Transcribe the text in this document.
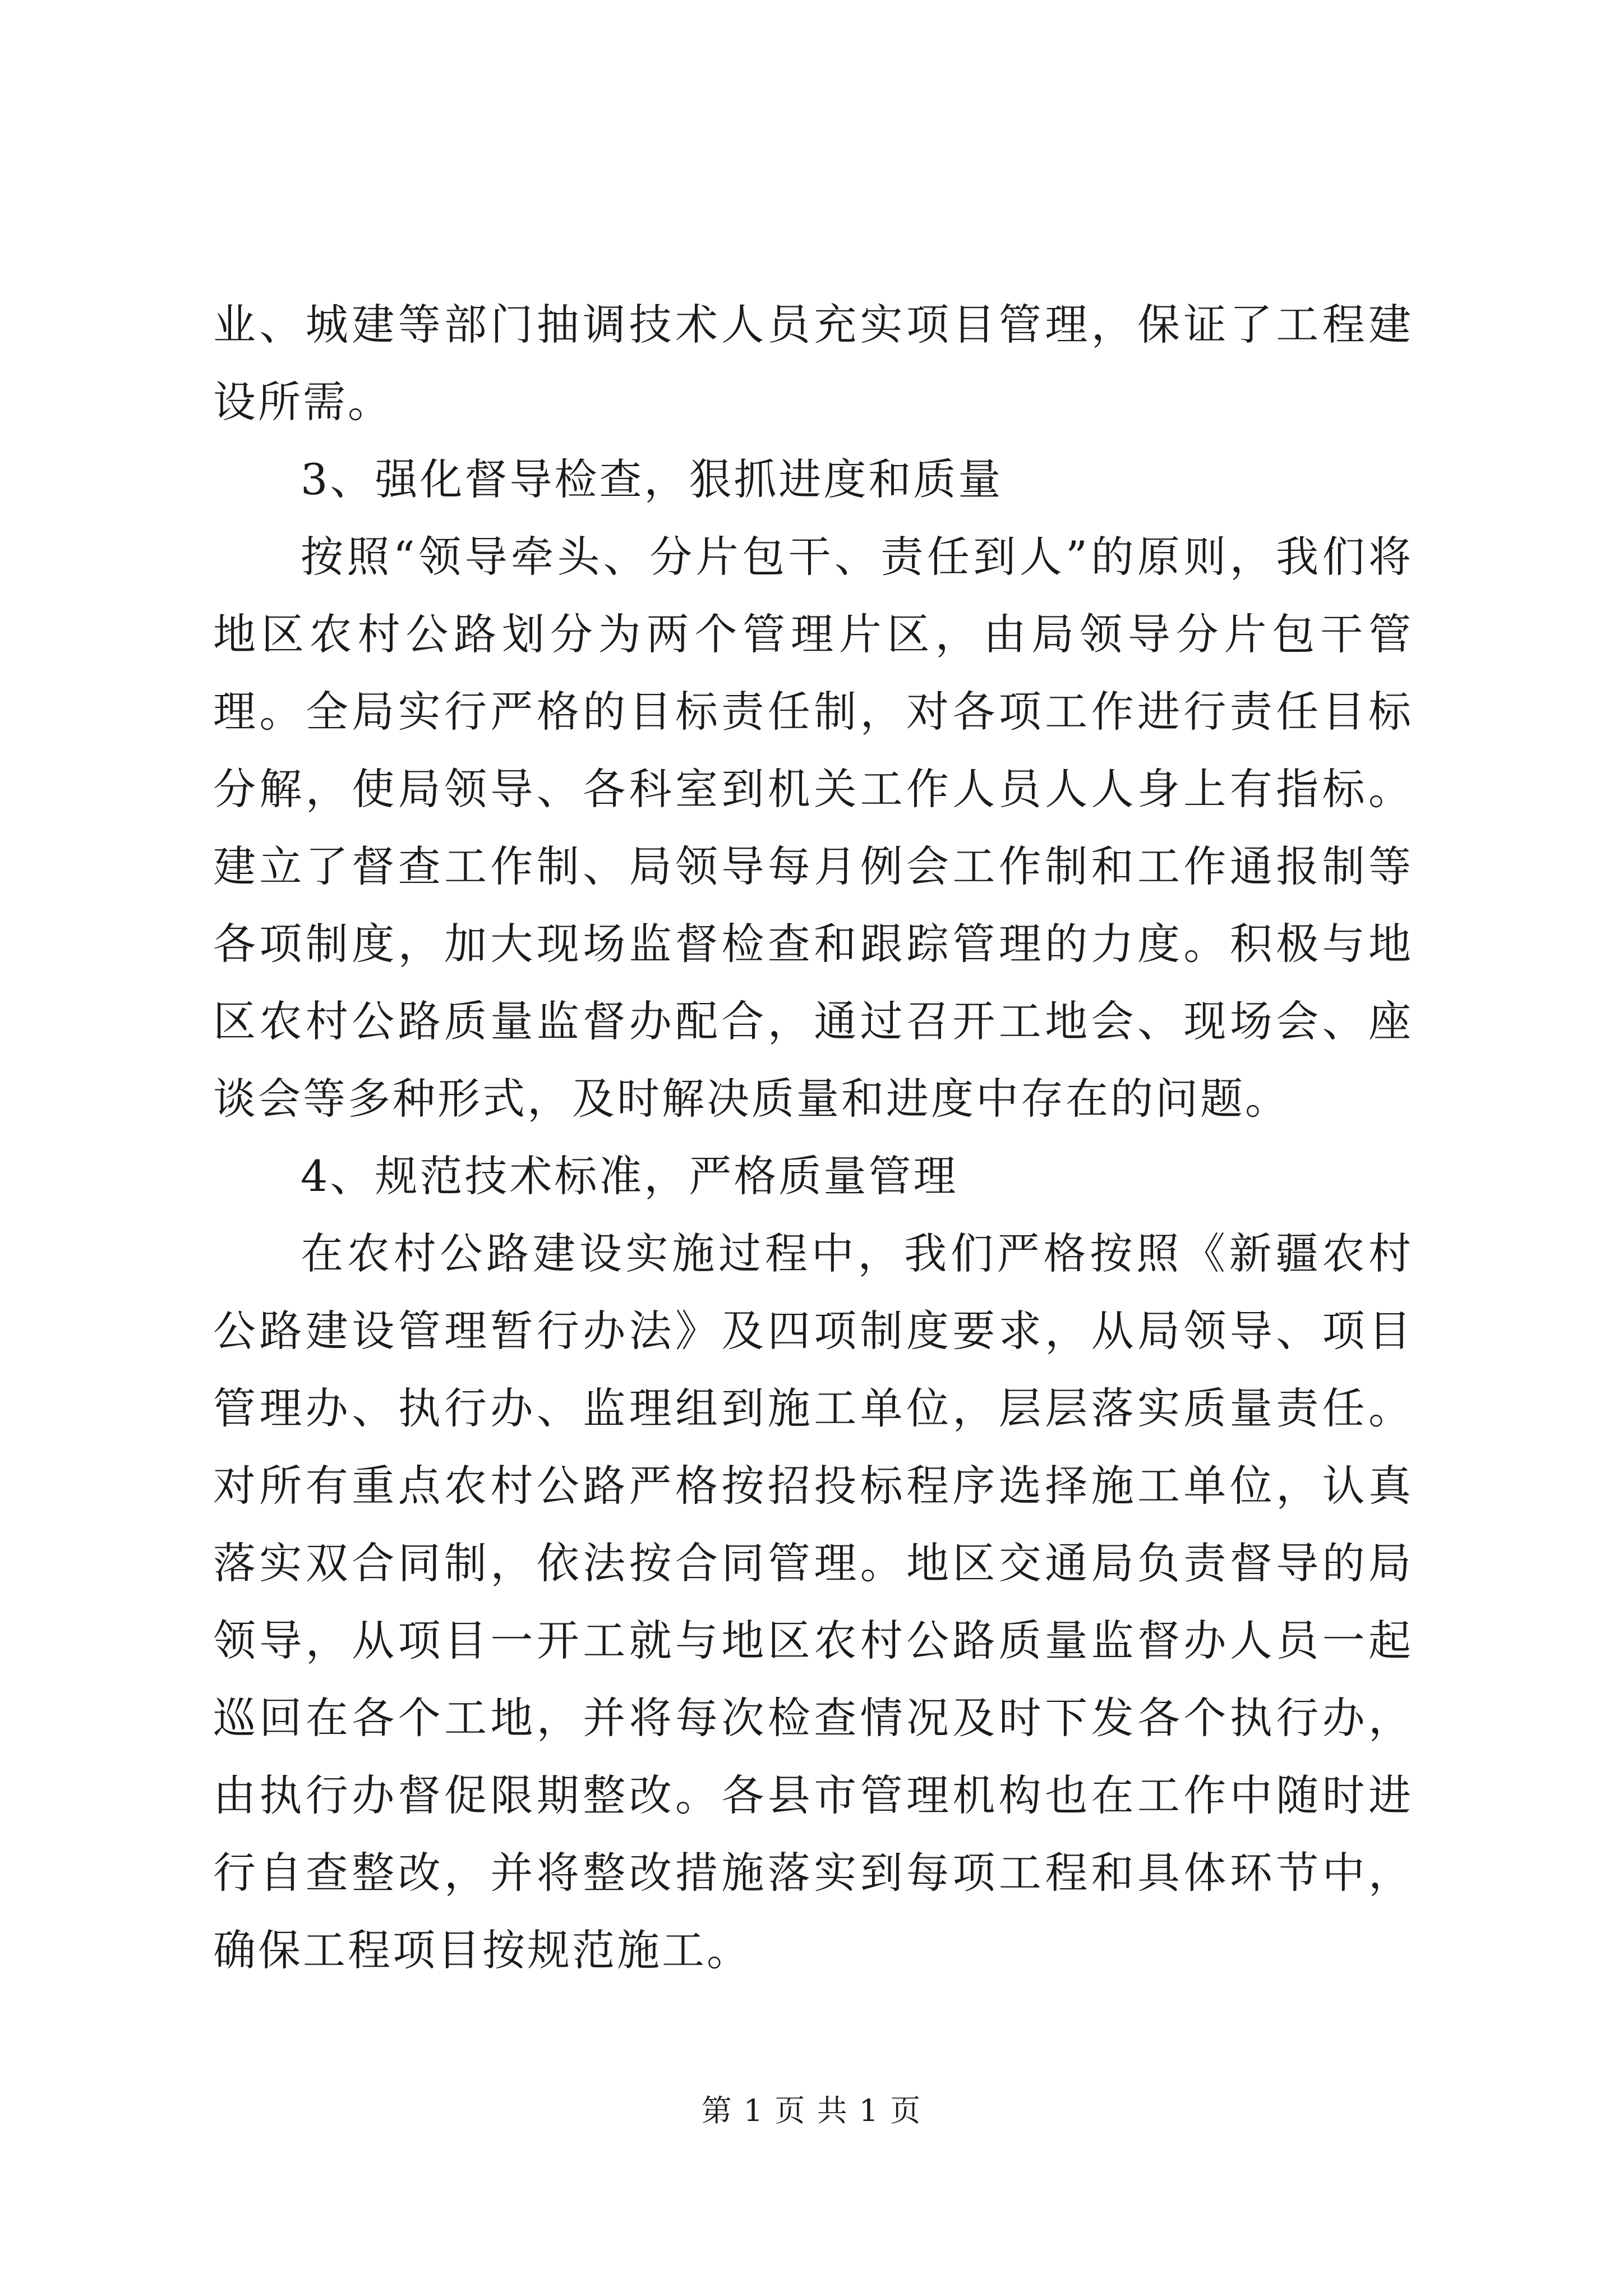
业、城建等部门抽调技术人员充实项目管理，保证了工程建设所需。

3、强化督导检查，狠抓进度和质量

按照“领导牵头、分片包干、责任到人”的原则，我们将地区农村公路划分为两个管理片区，由局领导分片包干管理。全局实行严格的目标责任制，对各项工作进行责任目标分解，使局领导、各科室到机关工作人员人人身上有指标。建立了督查工作制、局领导每月例会工作制和工作通报制等各项制度，加大现场监督检查和跟踪管理的力度。积极与地区农村公路质量监督办配合，通过召开工地会、现场会、座谈会等多种形式，及时解决质量和进度中存在的问题。

4、规范技术标准，严格质量管理

在农村公路建设实施过程中，我们严格按照《新疆农村公路建设管理暂行办法》及四项制度要求，从局领导、项目管理办、执行办、监理组到施工单位，层层落实质量责任。对所有重点农村公路严格按招投标程序选择施工单位，认真落实双合同制，依法按合同管理。地区交通局负责督导的局领导，从项目一开工就与地区农村公路质量监督办人员一起巡回在各个工地，并将每次检查情况及时下发各个执行办，由执行办督促限期整改。各县市管理机构也在工作中随时进行自查整改，并将整改措施落实到每项工程和具体环节中，确保工程项目按规范施工。

第 1 页 共 1 页
